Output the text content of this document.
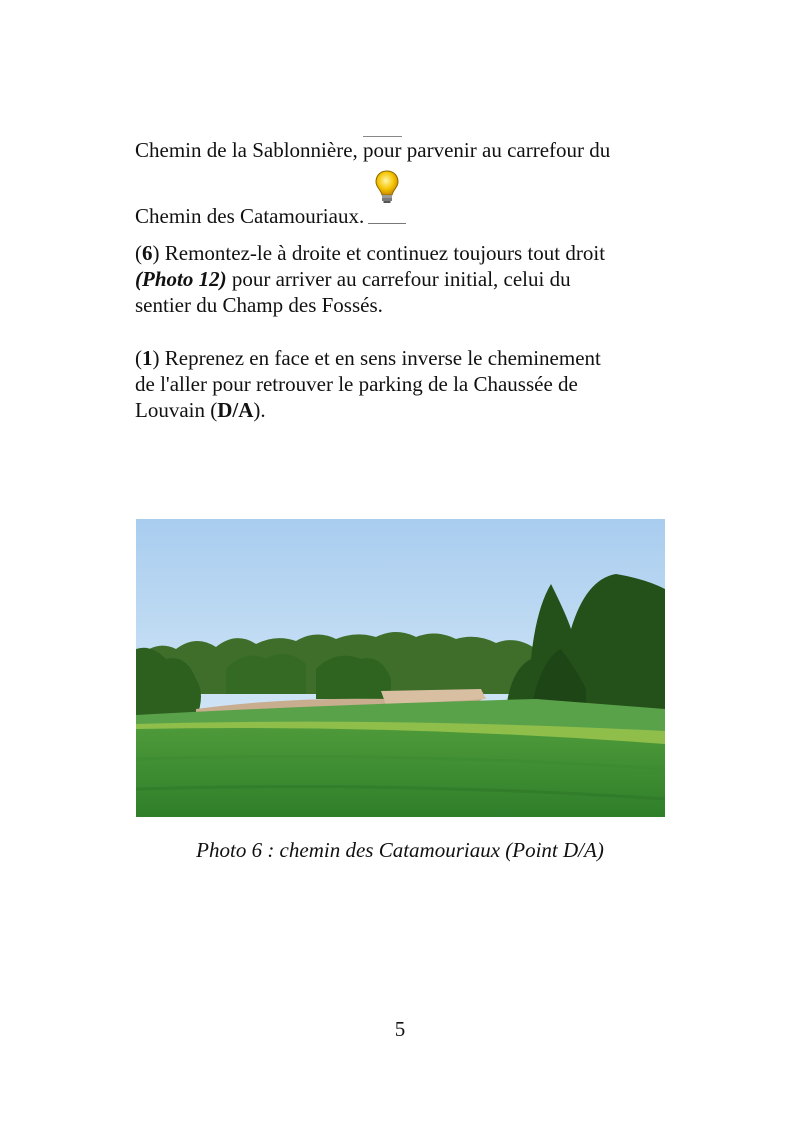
Chemin de la Sablonnière,
pour parvenir au carrefour du
Chemin des Catamouriaux.
(6) Remontez-le à droite et continuez toujours tout droit
(Photo 12) pour arriver au carrefour initial, celui du
sentier du Champ des Fossés.
(1) Reprenez en face et en sens inverse le cheminement
de l'aller pour retrouver le parking de la Chaussée de
Louvain (D/A).
Photo 6 : chemin des Catamouriaux (Point D/A)
5
